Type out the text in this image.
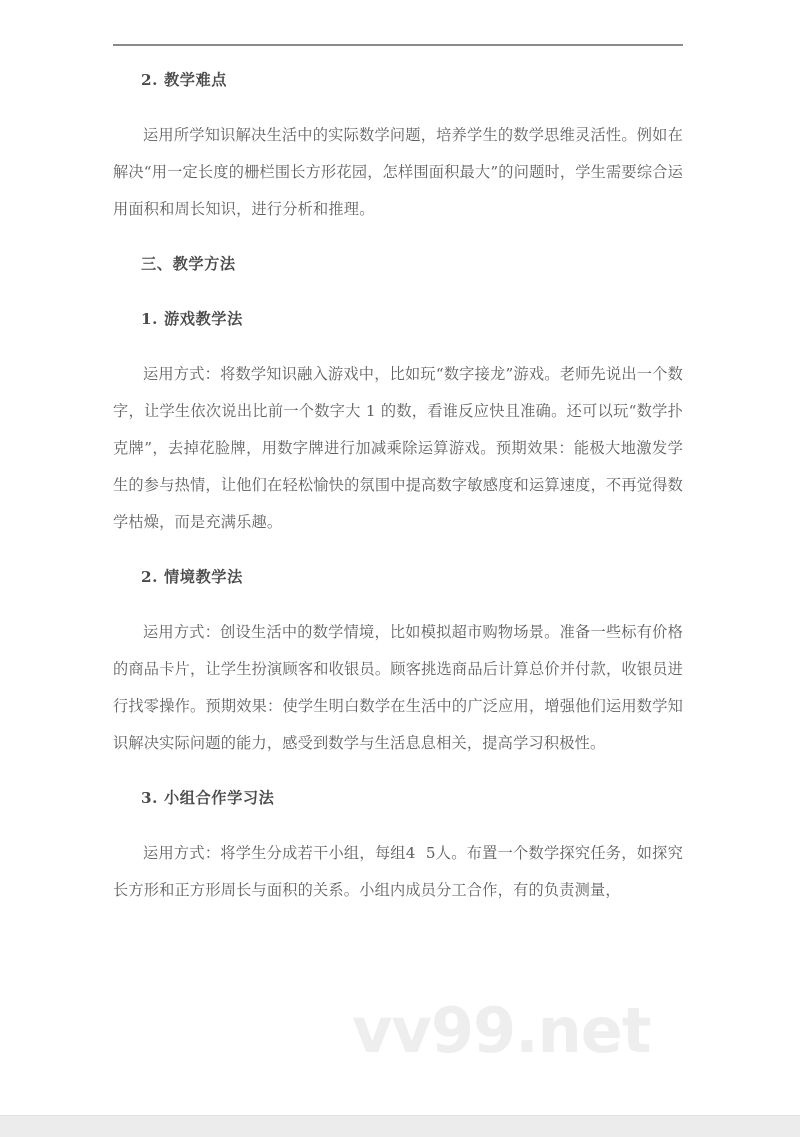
2. 教学难点

运用所学知识解决生活中的实际数学问题，培养学生的数学思维灵活性。例如在解决“用一定长度的栅栏围长方形花园，怎样围面积最大”的问题时，学生需要综合运用面积和周长知识，进行分析和推理。

三、教学方法

1. 游戏教学法

运用方式：将数学知识融入游戏中，比如玩“数字接龙”游戏。老师先说出一个数字，让学生依次说出比前一个数字大 1 的数，看谁反应快且准确。还可以玩“数学扑克牌”，去掉花脸牌，用数字牌进行加减乘除运算游戏。预期效果：能极大地激发学生的参与热情，让他们在轻松愉快的氛围中提高数字敏感度和运算速度，不再觉得数学枯燥，而是充满乐趣。

2. 情境教学法

运用方式：创设生活中的数学情境，比如模拟超市购物场景。准备一些标有价格的商品卡片，让学生扮演顾客和收银员。顾客挑选商品后计算总价并付款，收银员进行找零操作。预期效果：使学生明白数学在生活中的广泛应用，增强他们运用数学知识解决实际问题的能力，感受到数学与生活息息相关，提高学习积极性。

3. 小组合作学习法

运用方式：将学生分成若干小组，每组4  5人。布置一个数学探究任务，如探究长方形和正方形周长与面积的关系。小组内成员分工合作，有的负责测量，

vv99.net
